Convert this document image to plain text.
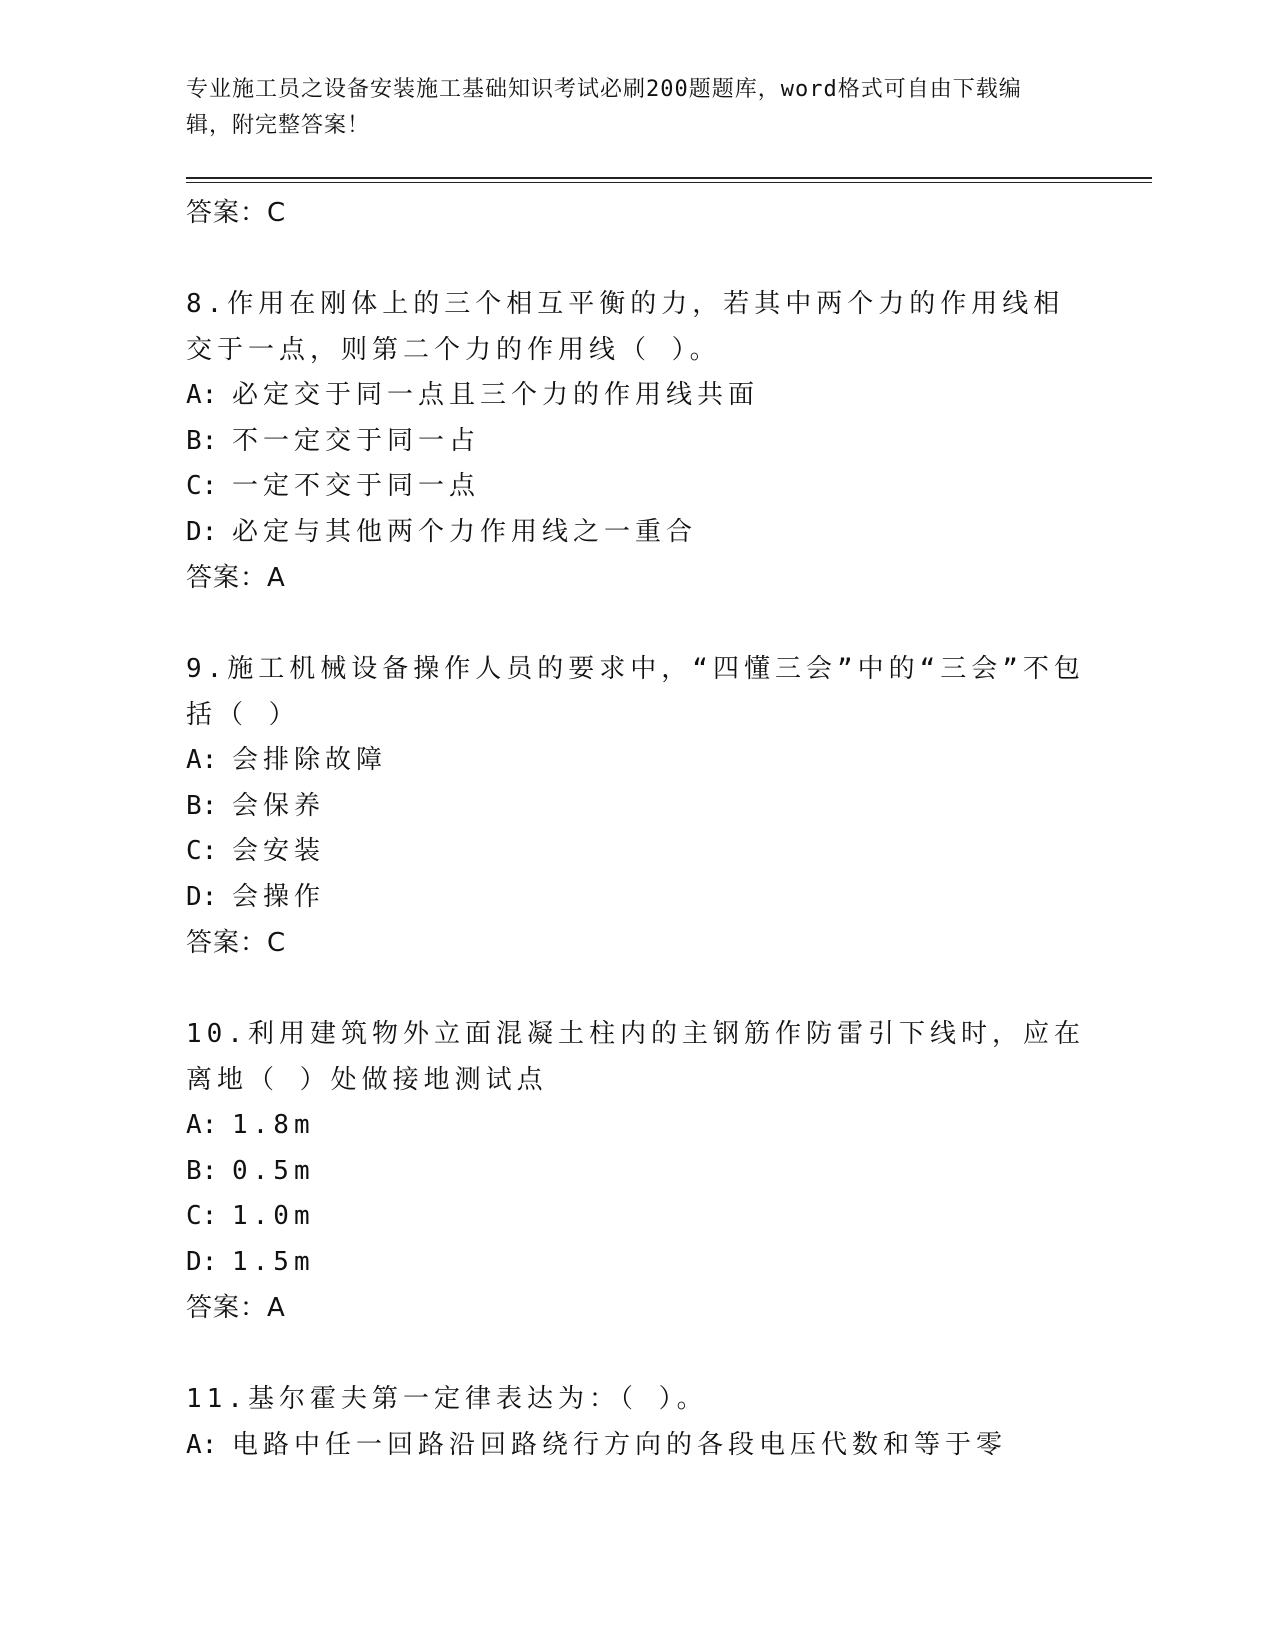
专业施工员之设备安装施工基础知识考试必刷200题题库，word格式可自由下载编辑，附完整答案！
答案：C
8.作用在刚体上的三个相互平衡的力，若其中两个力的作用线相交于一点，则第二个力的作用线（ ）。
A: 必定交于同一点且三个力的作用线共面
B: 不一定交于同一占
C: 一定不交于同一点
D: 必定与其他两个力作用线之一重合
答案：A
9.施工机械设备操作人员的要求中，“四懂三会”中的“三会”不包括（ ）
A: 会排除故障
B: 会保养
C: 会安装
D: 会操作
答案：C
10.利用建筑物外立面混凝土柱内的主钢筋作防雷引下线时，应在离地（ ）处做接地测试点
A: 1.8m
B: 0.5m
C: 1.0m
D: 1.5m
答案：A
11.基尔霍夫第一定律表达为：（ ）。
A: 电路中任一回路沿回路绕行方向的各段电压代数和等于零
